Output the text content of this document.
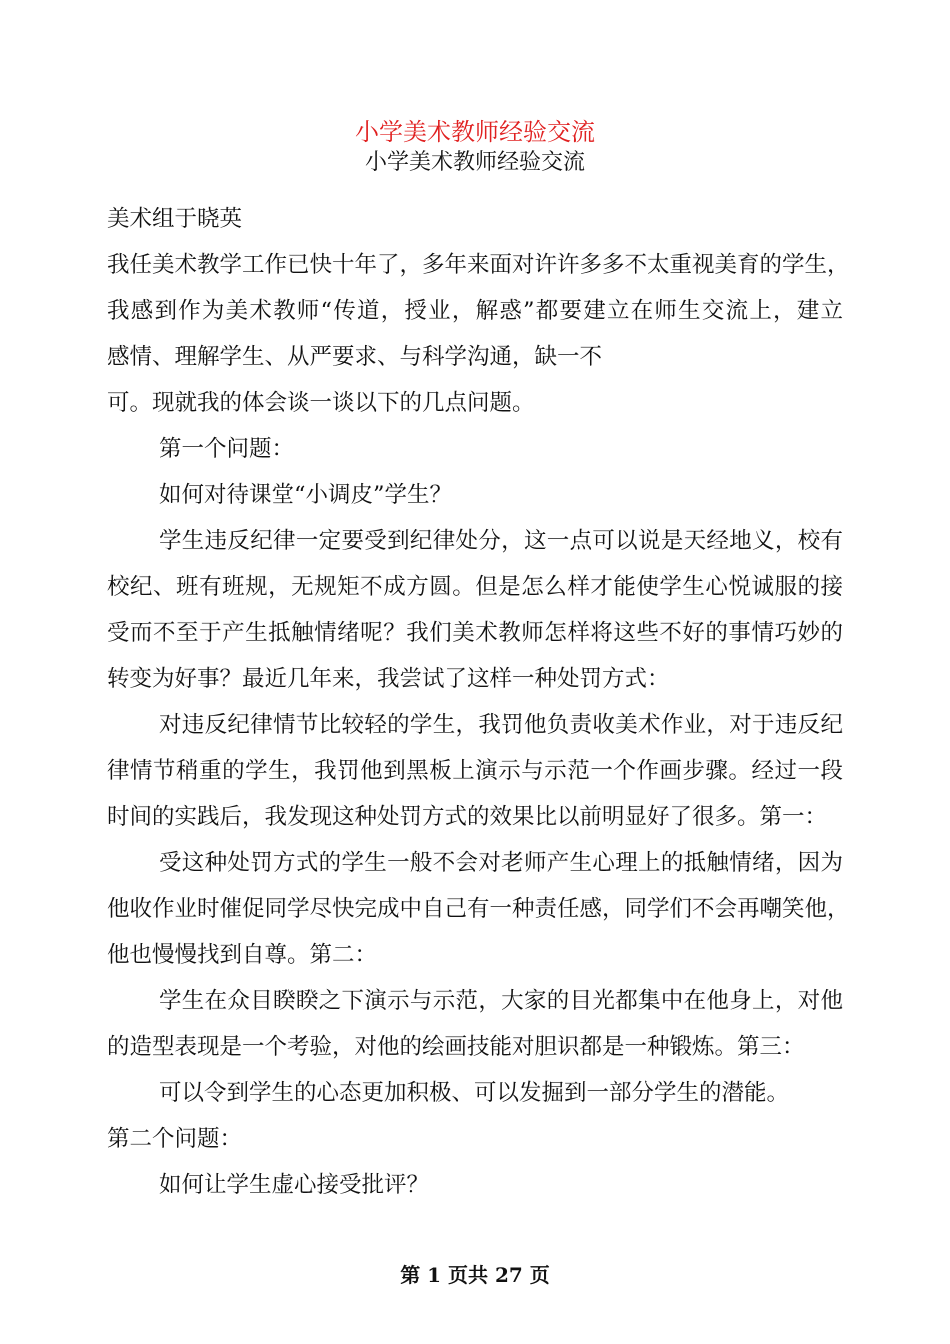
小学美术教师经验交流
小学美术教师经验交流

美术组于晓英

我任美术教学工作已快十年了，多年来面对许许多多不太重视美育的学生，

我感到作为美术教师“传道，授业，解惑”都要建立在师生交流上，建立

感情、理解学生、从严要求、与科学沟通，缺一不

可。现就我的体会谈一谈以下的几点问题。

第一个问题：

如何对待课堂“小调皮”学生？

学生违反纪律一定要受到纪律处分，这一点可以说是天经地义，校有

校纪、班有班规，无规矩不成方圆。但是怎么样才能使学生心悦诚服的接

受而不至于产生抵触情绪呢？我们美术教师怎样将这些不好的事情巧妙的

转变为好事？最近几年来，我尝试了这样一种处罚方式：

对违反纪律情节比较轻的学生，我罚他负责收美术作业，对于违反纪

律情节稍重的学生，我罚他到黑板上演示与示范一个作画步骤。经过一段

时间的实践后，我发现这种处罚方式的效果比以前明显好了很多。第一：

受这种处罚方式的学生一般不会对老师产生心理上的抵触情绪，因为

他收作业时催促同学尽快完成中自己有一种责任感，同学们不会再嘲笑他，

他也慢慢找到自尊。第二：

学生在众目睽睽之下演示与示范，大家的目光都集中在他身上，对他

的造型表现是一个考验，对他的绘画技能对胆识都是一种锻炼。第三：

可以令到学生的心态更加积极、可以发掘到一部分学生的潜能。

第二个问题：

如何让学生虚心接受批评？

第 1 页共 27 页
